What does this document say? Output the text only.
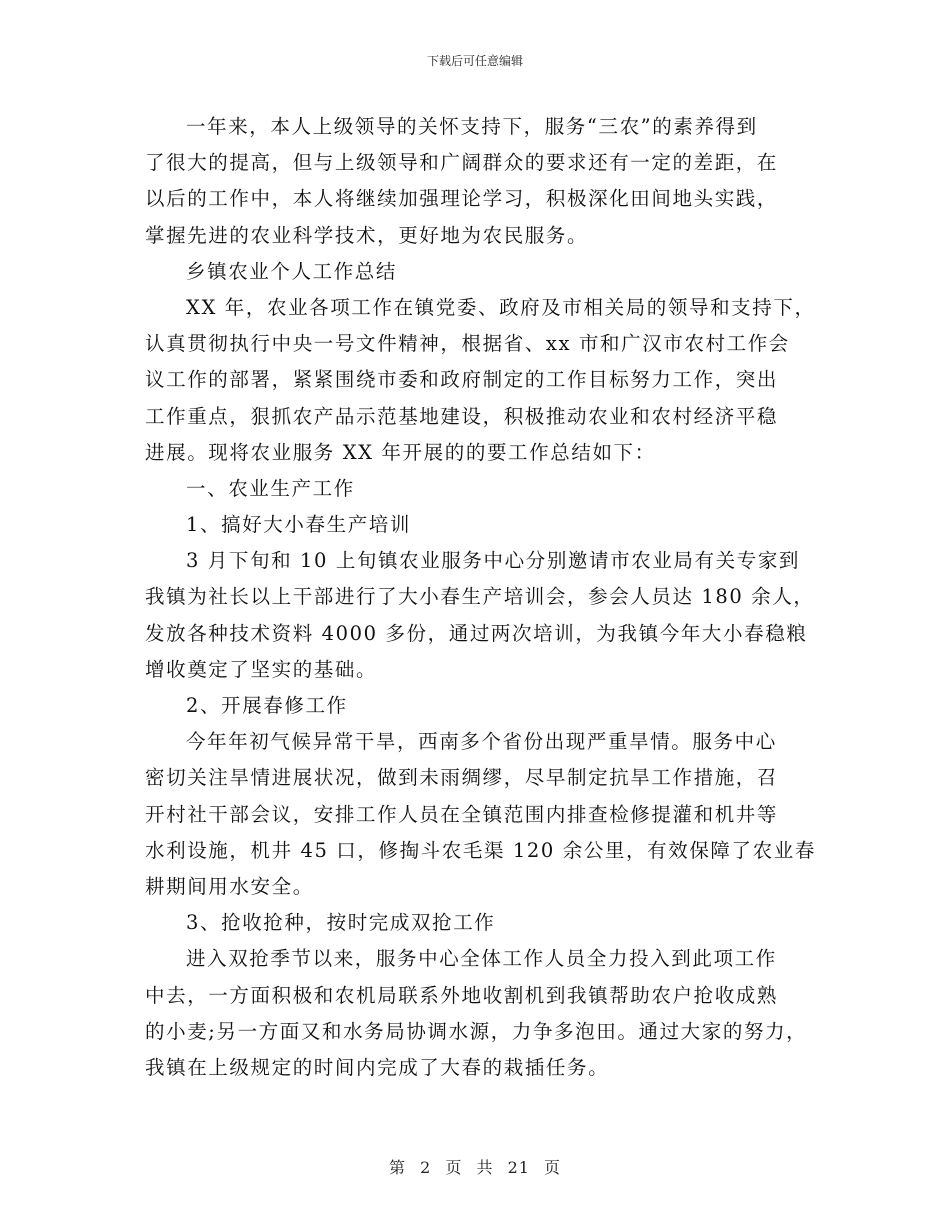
下载后可任意编辑
一年来，本人上级领导的关怀支持下，服务“三农”的素养得到
了很大的提高，但与上级领导和广阔群众的要求还有一定的差距，在
以后的工作中，本人将继续加强理论学习，积极深化田间地头实践，
掌握先进的农业科学技术，更好地为农民服务。
乡镇农业个人工作总结
XX 年，农业各项工作在镇党委、政府及市相关局的领导和支持下，
认真贯彻执行中央一号文件精神，根据省、xx 市和广汉市农村工作会
议工作的部署，紧紧围绕市委和政府制定的工作目标努力工作，突出
工作重点，狠抓农产品示范基地建设，积极推动农业和农村经济平稳
进展。现将农业服务 XX 年开展的的要工作总结如下：
一、农业生产工作
1、搞好大小春生产培训
3 月下旬和 10 上旬镇农业服务中心分别邀请市农业局有关专家到
我镇为社长以上干部进行了大小春生产培训会，参会人员达 180 余人，
发放各种技术资料 4000 多份，通过两次培训，为我镇今年大小春稳粮
增收奠定了坚实的基础。
2、开展春修工作
今年年初气候异常干旱，西南多个省份出现严重旱情。服务中心
密切关注旱情进展状况，做到未雨绸缪，尽早制定抗旱工作措施，召
开村社干部会议，安排工作人员在全镇范围内排查检修提灌和机井等
水利设施，机井 45 口，修掏斗农毛渠 120 余公里，有效保障了农业春
耕期间用水安全。
3、抢收抢种，按时完成双抢工作
进入双抢季节以来，服务中心全体工作人员全力投入到此项工作
中去，一方面积极和农机局联系外地收割机到我镇帮助农户抢收成熟
的小麦;另一方面又和水务局协调水源，力争多泡田。通过大家的努力，
我镇在上级规定的时间内完成了大春的栽插任务。
第 2 页 共 21 页
